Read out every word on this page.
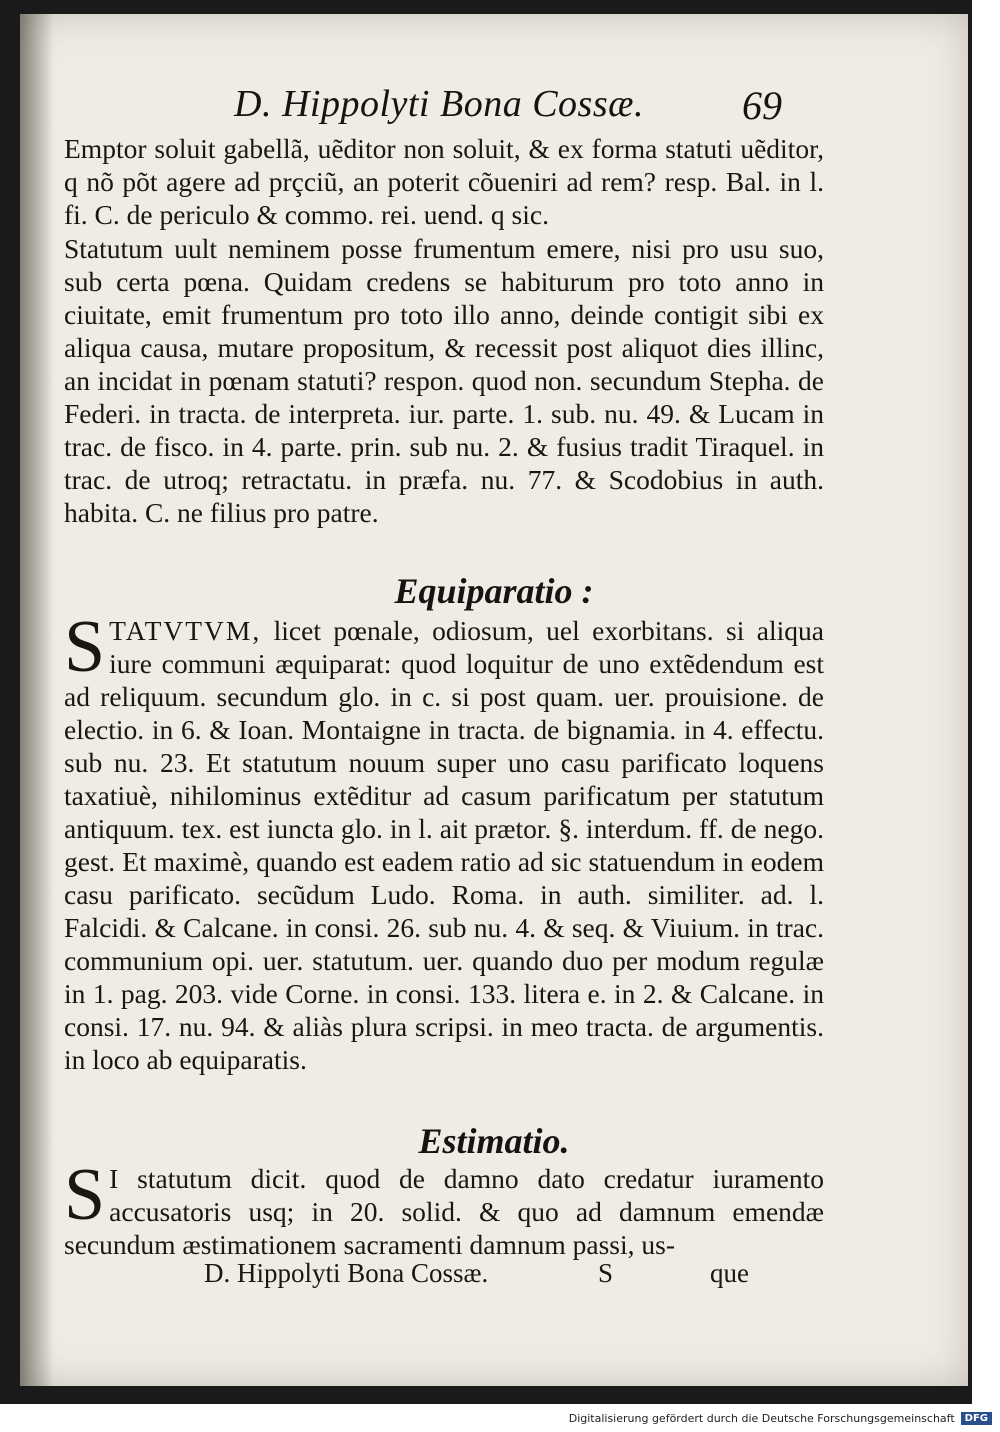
D. Hippolyti Bona Cossæ. 69

Emptor soluit gabellã, uẽditor non soluit, & ex forma statuti uẽditor, q nõ põt agere ad prçciũ, an poterit cõueniri ad rem? resp. Bal. in l. fi. C. de periculo & commo. rei. uend. q sic.

Statutum uult neminem posse frumentum emere, nisi pro usu suo, sub certa pœna. Quidam credens se habiturum pro toto anno in ciuitate, emit frumentum pro toto illo anno, deinde contigit sibi ex aliqua causa, mutare propositum, & recessit post aliquot dies illinc, an incidat in pœnam statuti? respon. quod non. secundum Stepha. de Federi. in tracta. de interpreta. iur. parte. 1. sub. nu. 49. & Lucam in trac. de fisco. in 4. parte. prin. sub nu. 2. & fusius tradit Tiraquel. in trac. de utroq; retractatu. in præfa. nu. 77. & Scodobius in auth. habita. C. ne filius pro patre.

Equiparatio :

STATVTVM, licet pœnale, odiosum, uel exorbitans. si aliqua iure communi æquiparat: quod loquitur de uno extẽdendum est ad reliquum. secundum glo. in c. si post quam. uer. prouisione. de electio. in 6. & Ioan. Montaigne in tracta. de bignamia. in 4. effectu. sub nu. 23. Et statutum nouum super uno casu parificato loquens taxatiuè, nihilominus extẽditur ad casum parificatum per statutum antiquum. tex. est iuncta glo. in l. ait prætor. §. interdum. ff. de nego. gest. Et maximè, quando est eadem ratio ad sic statuendum in eodem casu parificato. secũdum Ludo. Roma. in auth. similiter. ad. l. Falcidi. & Calcane. in consi. 26. sub nu. 4. & seq. & Viuium. in trac. communium opi. uer. statutum. uer. quando duo per modum regulæ in 1. pag. 203. vide Corne. in consi. 133. litera e. in 2. & Calcane. in consi. 17. nu. 94. & aliàs plura scripsi. in meo tracta. de argumentis. in loco ab equiparatis.

Estimatio.

S I statutum dicit. quod de damno dato credatur iuramento accusatoris usq; in 20. solid. & quo ad damnum emendæ secundum æstimationem sacramenti damnum passi, us-

D. Hippolyti Bona Cossæ.	S	que
Digitalisierung gefördert durch die Deutsche Forschungsgemeinschaft	DFG
